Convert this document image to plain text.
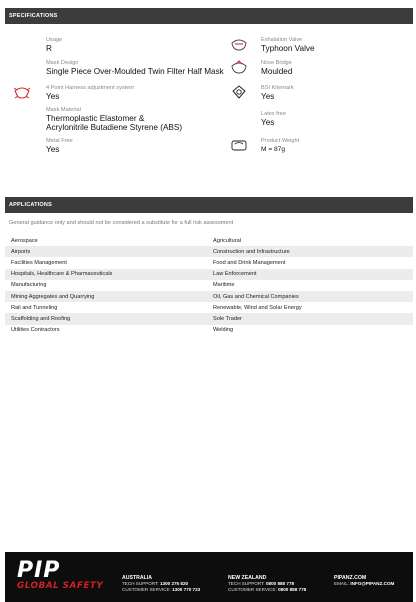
SPECIFICATIONS
Usage
R
Mask Design
Single Piece Over-Moulded Twin Filter Half Mask
4 Point Harness adjustment system
Yes
Mask Material
Thermoplastic Elastomer &
Acrylonitrile Butadiene Styrene (ABS)
Metal Free
Yes
Exhalation Valve
Typhoon Valve
Nose Bridge
Moulded
BSI Kitemark
Yes
Latex free
Yes
Product Weight
M = 87g
APPLICATIONS
General guidance only and should not be considered a substitute for a full risk assessment
Aerospace	Agricultural
Airports	Construction and Infrastructure
Facilities Management	Food and Drink Management
Hospitals, Healthcare & Pharmaceuticals	Law Enforcement
Manufacturing	Maritime
Mining Aggregates and Quarrying	Oil, Gas and Chemical Companies
Rail and Tunneling	Renewable, Wind and Solar Energy
Scaffolding and Roofing	Sole Trader
Utilities Contractors	Welding
PIP
GLOBAL SAFETY
AUSTRALIA
TECH SUPPORT: 1300 275 820
CUSTOMER SERVICE: 1300 770 723
NEW ZEALAND
TECH SUPPORT: 0800 888 778
CUSTOMER SERVICE: 0800 888 778
PIPANZ.COM
EMAIL: INFO@PIPANZ.COM
